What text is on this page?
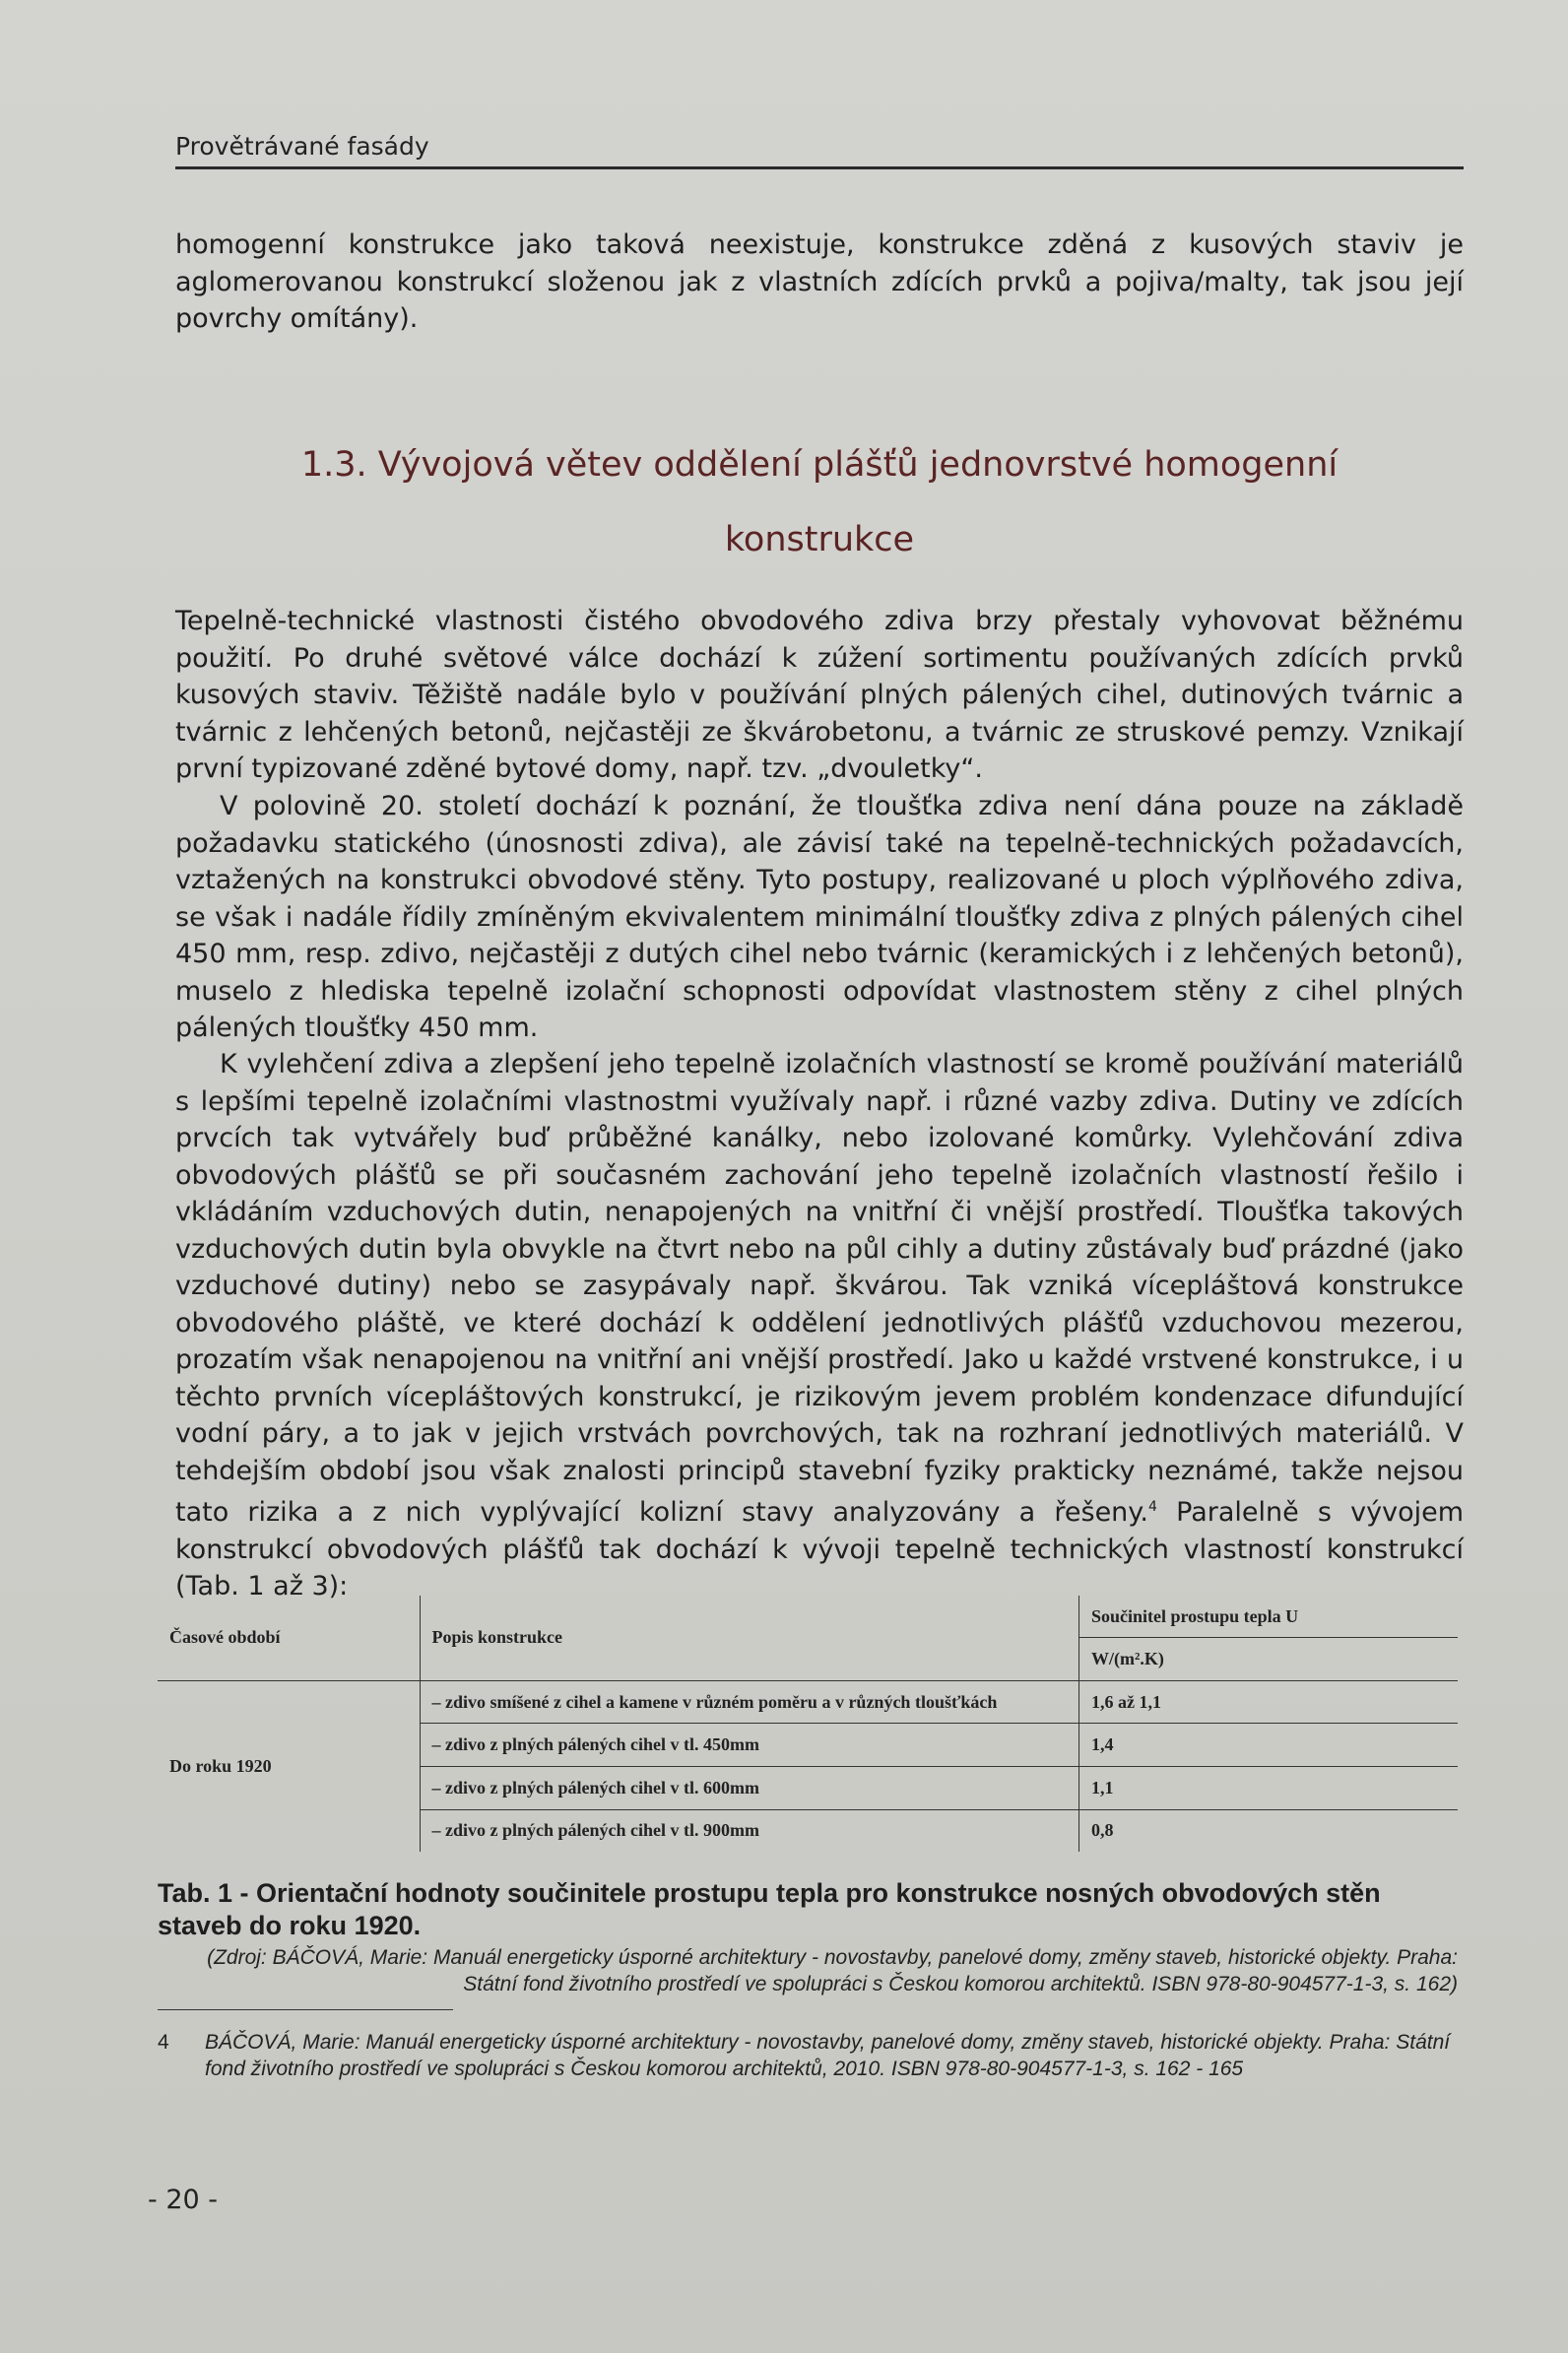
Provětrávané fasády

homogenní konstrukce jako taková neexistuje, konstrukce zděná z kusových staviv je aglomerovanou konstrukcí složenou jak z vlastních zdících prvků a pojiva/malty, tak jsou její povrchy omítány).

1.3. Vývojová větev oddělení plášťů jednovrstvé homogenní
konstrukce

Tepelně-technické vlastnosti čistého obvodového zdiva brzy přestaly vyhovovat běžnému použití. Po druhé světové válce dochází k zúžení sortimentu používaných zdících prvků kusových staviv. Těžiště nadále bylo v používání plných pálených cihel, dutinových tvárnic a tvárnic z lehčených betonů, nejčastěji ze škvárobetonu, a tvárnic ze struskové pemzy. Vznikají první typizované zděné bytové domy, např. tzv. „dvouletky“.

V polovině 20. století dochází k poznání, že tloušťka zdiva není dána pouze na základě požadavku statického (únosnosti zdiva), ale závisí také na tepelně-technických požadavcích, vztažených na konstrukci obvodové stěny. Tyto postupy, realizované u ploch výplňového zdiva, se však i nadále řídily zmíněným ekvivalentem minimální tloušťky zdiva z plných pálených cihel 450 mm, resp. zdivo, nejčastěji z dutých cihel nebo tvárnic (keramických i z lehčených betonů), muselo z hlediska tepelně izolační schopnosti odpovídat vlastnostem stěny z cihel plných pálených tloušťky 450 mm.

K vylehčení zdiva a zlepšení jeho tepelně izolačních vlastností se kromě používání materiálů s lepšími tepelně izolačními vlastnostmi využívaly např. i různé vazby zdiva. Dutiny ve zdících prvcích tak vytvářely buď průběžné kanálky, nebo izolované komůrky. Vylehčování zdiva obvodových plášťů se při současném zachování jeho tepelně izolačních vlastností řešilo i vkládáním vzduchových dutin, nenapojených na vnitřní či vnější prostředí. Tloušťka takových vzduchových dutin byla obvykle na čtvrt nebo na půl cihly a dutiny zůstávaly buď prázdné (jako vzduchové dutiny) nebo se zasypávaly např. škvárou. Tak vzniká vícepláštová konstrukce obvodového pláště, ve které dochází k oddělení jednotlivých plášťů vzduchovou mezerou, prozatím však nenapojenou na vnitřní ani vnější prostředí. Jako u každé vrstvené konstrukce, i u těchto prvních vícepláštových konstrukcí, je rizikovým jevem problém kondenzace difundující vodní páry, a to jak v jejich vrstvách povrchových, tak na rozhraní jednotlivých materiálů. V tehdejším období jsou však znalosti principů stavební fyziky prakticky neznámé, takže nejsou tato rizika a z nich vyplývající kolizní stavy analyzovány a řešeny.$^4$ Paralelně s vývojem konstrukcí obvodových plášťů tak dochází k vývoji tepelně technických vlastností konstrukcí (Tab. 1 až 3):

Časové období	Popis konstrukce	Součinitel prostupu tepla U
		W/(m².K)
Do roku 1920	– zdivo smíšené z cihel a kamene v různém poměru a v různých tloušťkách	1,6 až 1,1
	– zdivo z plných pálených cihel v tl. 450mm	1,4
	– zdivo z plných pálených cihel v tl. 600mm	1,1
	– zdivo z plných pálených cihel v tl. 900mm	0,8
Tab. 1 - Orientační hodnoty součinitele prostupu tepla pro konstrukce nosných obvodových stěn staveb do roku 1920.
(Zdroj: BÁČOVÁ, Marie: Manuál energeticky úsporné architektury - novostavby, panelové domy, změny staveb, historické objekty. Praha: Státní fond životního prostředí ve spolupráci s Českou komorou architektů. ISBN 978-80-904577-1-3, s. 162)
4 BÁČOVÁ, Marie: Manuál energeticky úsporné architektury - novostavby, panelové domy, změny staveb, historické objekty. Praha: Státní fond životního prostředí ve spolupráci s Českou komorou architektů, 2010. ISBN 978-80-904577-1-3, s. 162 - 165
- 20 -
